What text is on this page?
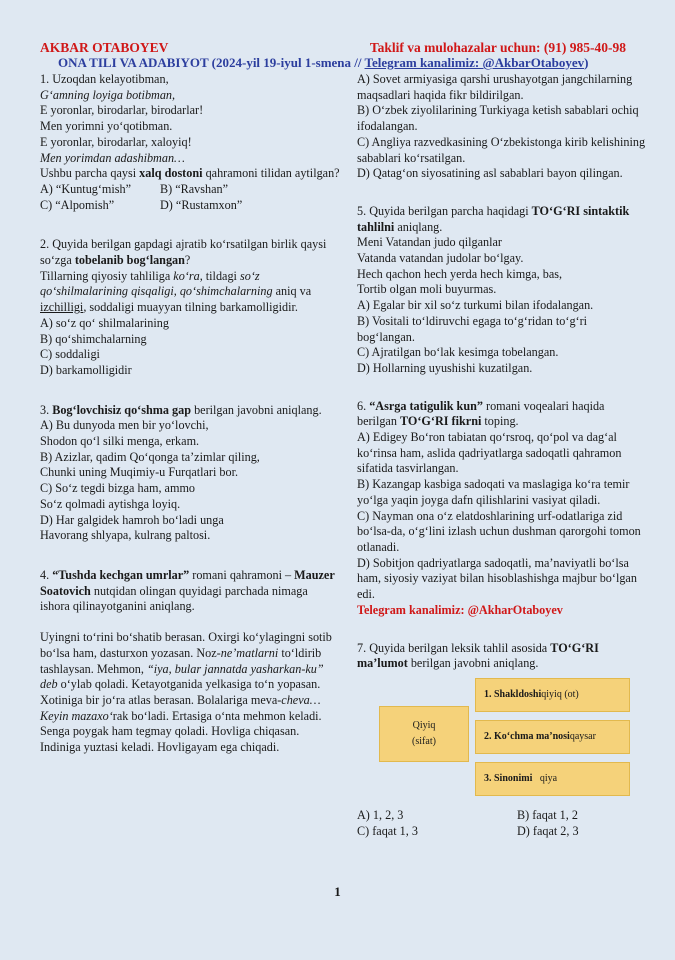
AKBAR OTABOYEV	Taklif va mulohazalar uchun: (91) 985-40-98
ONA TILI VA ADABIYOT (2024-yil 19-iyul 1-smena // Telegram kanalimiz: @AkbarOtaboyev)

1. Uzoqdan kelayotibman,

G‘amning loyiga botibman,

E yoronlar, birodarlar, birodarlar!

Men yorimni yo‘qotibman.

E yoronlar, birodarlar, xaloyiq!

Men yorimdan adashibman…

Ushbu parcha qaysi xalq dostoni qahramoni tilidan aytilgan?

A) “Kuntug‘mish”	B) “Ravshan”
C) “Alpomish”	D) “Rustamxon”

2. Quyida berilgan gapdagi ajratib ko‘rsatilgan birlik qaysi so‘zga tobelanib bog‘langan?

Tillarning qiyosiy tahliliga ko‘ra, tildagi so‘z qo‘shilmalarining qisqaligi, qo‘shimchalarning aniq va izchilligi, soddaligi muayyan tilning barkamolligidir.

A) so‘z qo‘ shilmalarining

B) qo‘shimchalarning

C) soddaligi

D) barkamolligidir

3. Bog‘lovchisiz qo‘shma gap berilgan javobni aniqlang.

A) Bu dunyoda men bir yo‘lovchi,

Shodon qo‘l silki menga, erkam.

B) Azizlar, qadim Qo‘qonga ta’zimlar qiling,

Chunki uning Muqimiy-u Furqatlari bor.

C) So‘z tegdi bizga ham, ammo

So‘z qolmadi aytishga loyiq.

D) Har galgidek hamroh bo‘ladi unga

Havorang shlyapa, kulrang paltosi.

4. “Tushda kechgan umrlar” romani qahramoni – Mauzer Soatovich nutqidan olingan quyidagi parchada nimaga ishora qilinayotganini aniqlang.

Uyingni to‘rini bo‘shatib berasan. Oxirgi ko‘ylagingni sotib bo‘lsa ham, dasturxon yozasan. Noz-ne’matlarni to‘ldirib tashlaysan. Mehmon, “iya, bular jannatda yasharkan-ku” deb o‘ylab qoladi. Ketayotganida yelkasiga to‘n yopasan. Xotiniga bir jo‘ra atlas berasan. Bolalariga meva-cheva… Keyin mazaxo‘rak bo‘ladi. Ertasiga o‘nta mehmon keladi. Senga poygak ham tegmay qoladi. Hovliga chiqasan. Indiniga yuztasi keladi. Hovligayam ega chiqadi.

A) Sovet armiyasiga qarshi urushayotgan jangchilarning maqsadlari haqida fikr bildirilgan.

B) O‘zbek ziyolilarining Turkiyaga ketish sabablari ochiq ifodalangan.

C) Angliya razvedkasining O‘zbekistonga kirib kelishining sabablari ko‘rsatilgan.

D) Qatag‘on siyosatining asl sabablari bayon qilingan.

5. Quyida berilgan parcha haqidagi TO‘G‘RI sintaktik tahlilni aniqlang.

Meni Vatandan judo qilganlar

Vatanda vatandan judolar bo‘lgay.

Hech qachon hech yerda hech kimga, bas,

Tortib olgan moli buyurmas.

A) Egalar bir xil so‘z turkumi bilan ifodalangan.

B) Vositali to‘ldiruvchi egaga to‘g‘ridan to‘g‘ri bog‘langan.

C) Ajratilgan bo‘lak kesimga tobelangan.

D) Hollarning uyushishi kuzatilgan.

6. “Asrga tatigulik kun” romani voqealari haqida berilgan TO‘G‘RI fikrni toping.

A) Edigey Bo‘ron tabiatan qo‘rsroq, qo‘pol va dag‘al ko‘rinsa ham, aslida qadriyatlarga sadoqatli qahramon sifatida tasvirlangan.

B) Kazangap kasbiga sadoqati va maslagiga ko‘ra temir yo‘lga yaqin joyga dafn qilishlarini vasiyat qiladi.

C) Nayman ona o‘z elatdoshlarining urf-odatlariga zid bo‘lsa-da, o‘g‘lini izlash uchun dushman qarorgohi tomon otlanadi.

D) Sobitjon qadriyatlarga sadoqatli, ma’naviyatli bo‘lsa ham, siyosiy vaziyat bilan hisoblashishga majbur bo‘lgan edi.

Telegram kanalimiz: @AkharOtaboyev

7. Quyida berilgan leksik tahlil asosida TO‘G‘RI ma’lumot berilgan javobni aniqlang.

Qiyiq
(sifat)
1. Shakldoshi qiyiq (ot)
2. Ko‘chma ma’nosi qaysar
3. Sinonimi qiya
A) 1, 2, 3	B) faqat 1, 2
C) faqat 1, 3	D) faqat 2, 3
1
